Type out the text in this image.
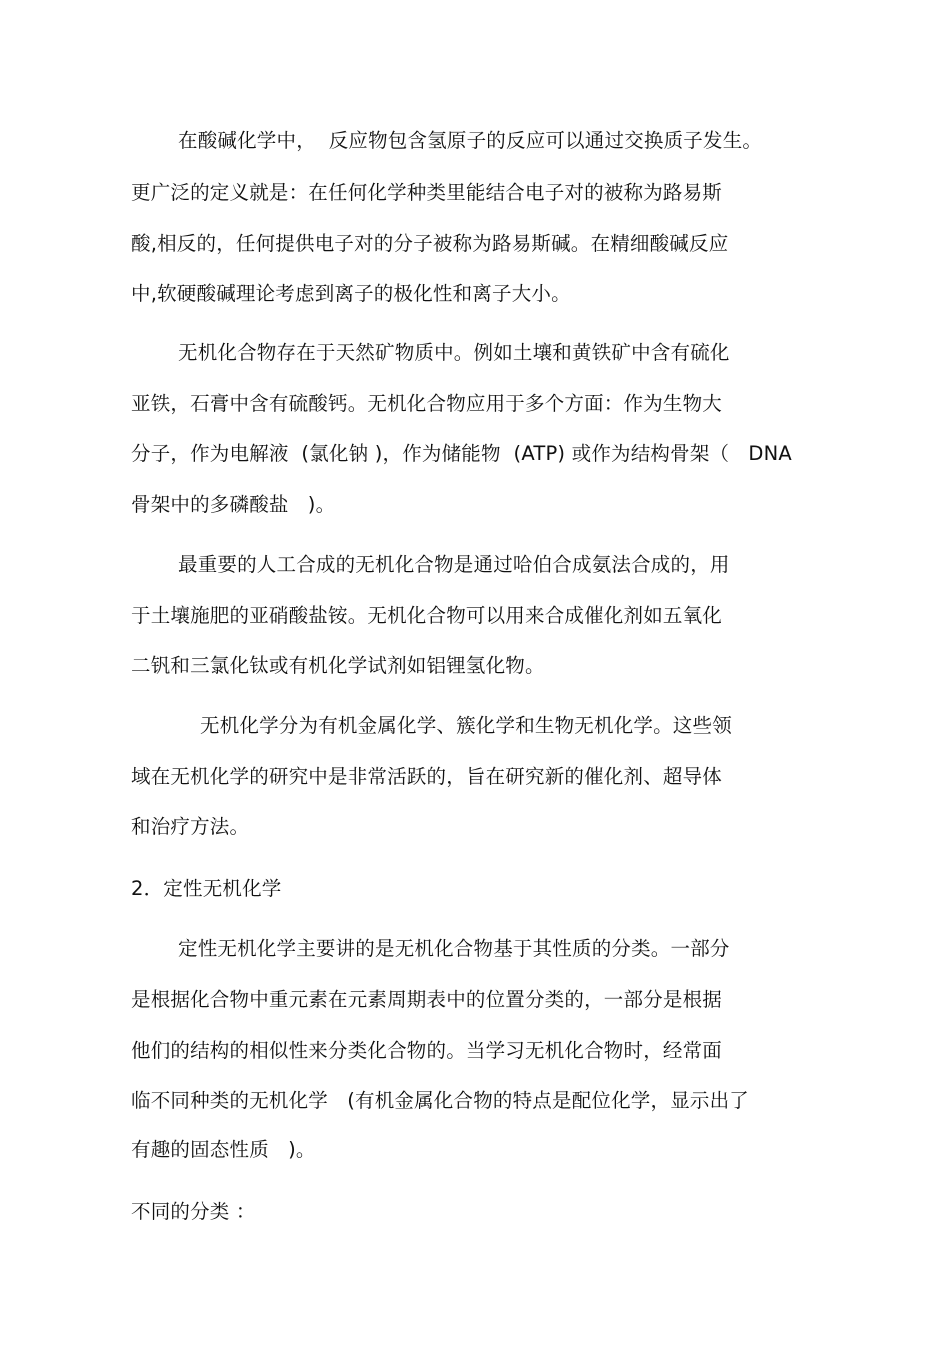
在酸碱化学中，  反应物包含氢原子的反应可以通过交换质子发生。
更广泛的定义就是：在任何化学种类里能结合电子对的被称为路易斯
酸,相反的，任何提供电子对的分子被称为路易斯碱。在精细酸碱反应
中,软硬酸碱理论考虑到离子的极化性和离子大小。
无机化合物存在于天然矿物质中。例如土壤和黄铁矿中含有硫化
亚铁，石膏中含有硫酸钙。无机化合物应用于多个方面：作为生物大
分子，作为电解液  (氯化钠 )，作为储能物  (ATP) 或作为结构骨架（   DNA
骨架中的多磷酸盐   )。
最重要的人工合成的无机化合物是通过哈伯合成氨法合成的，用
于土壤施肥的亚硝酸盐铵。无机化合物可以用来合成催化剂如五氧化
二钒和三氯化钛或有机化学试剂如铝锂氢化物。
无机化学分为有机金属化学、簇化学和生物无机化学。这些领
域在无机化学的研究中是非常活跃的，旨在研究新的催化剂、超导体
和治疗方法。
2．定性无机化学
定性无机化学主要讲的是无机化合物基于其性质的分类。一部分
是根据化合物中重元素在元素周期表中的位置分类的，一部分是根据
他们的结构的相似性来分类化合物的。当学习无机化合物时，经常面
临不同种类的无机化学   (有机金属化合物的特点是配位化学，显示出了
有趣的固态性质   )。
不同的分类 ：
